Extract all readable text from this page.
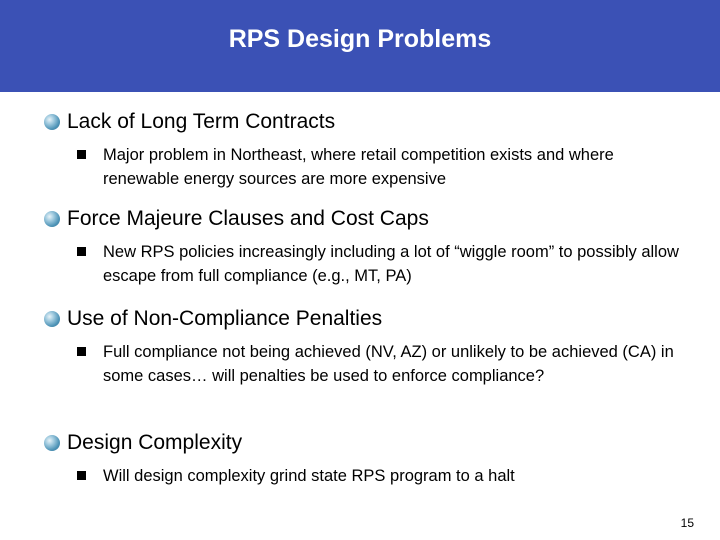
RPS Design Problems
Lack of Long Term Contracts
Major problem in Northeast, where retail competition exists and where renewable energy sources are more expensive
Force Majeure Clauses and Cost Caps
New RPS policies increasingly including a lot of “wiggle room” to possibly allow escape from full compliance (e.g., MT, PA)
Use of Non-Compliance Penalties
Full compliance not being achieved (NV, AZ) or unlikely to be achieved (CA) in some cases… will penalties be used to enforce compliance?
Design Complexity
Will design complexity grind state RPS program to a halt
15
